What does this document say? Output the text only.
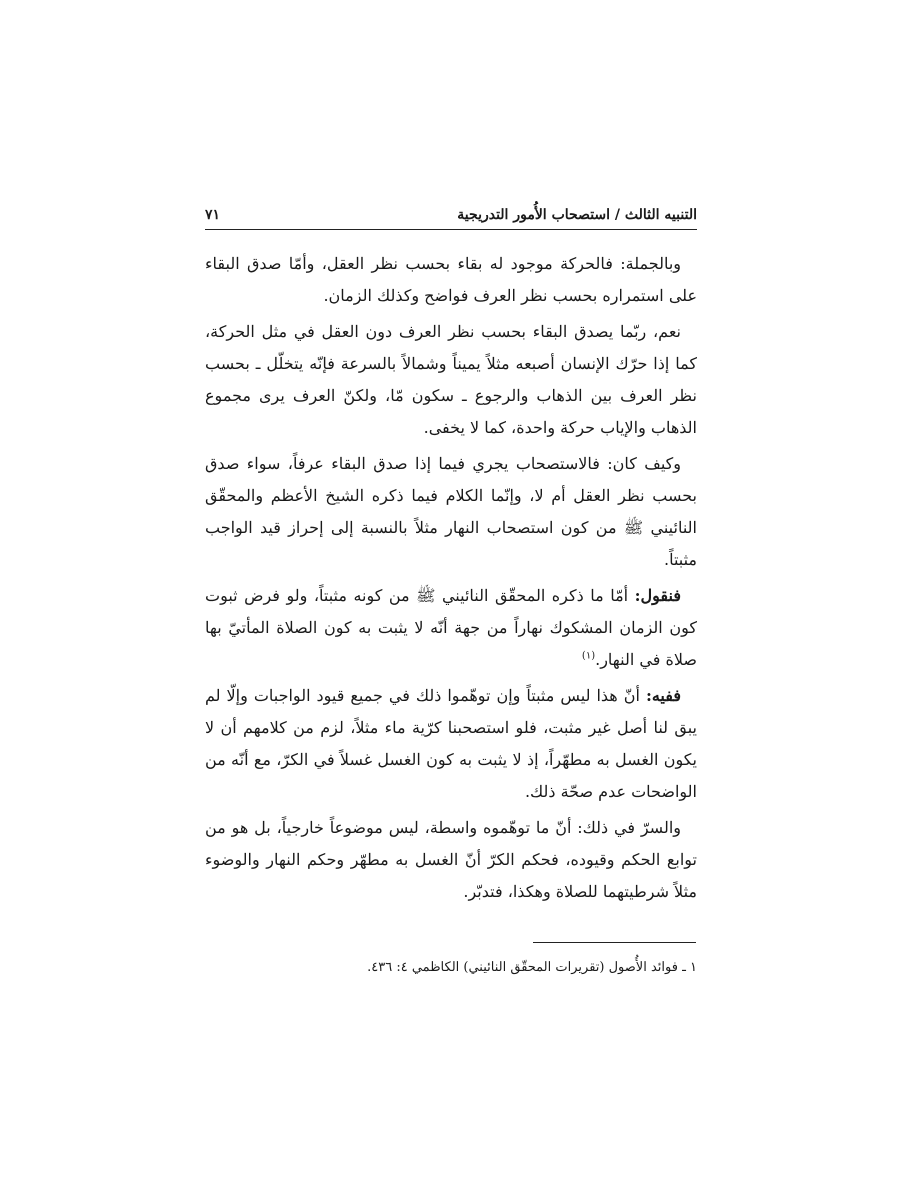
التنبيه الثالث / استصحاب الأُمور التدريجية
٧١

وبالجملة: فالحركة موجود له بقاء بحسب نظر العقل، وأمّا صدق البقاء على استمراره بحسب نظر العرف فواضح وكذلك الزمان.

نعم، ربّما يصدق البقاء بحسب نظر العرف دون العقل في مثل الحركة، كما إذا حرّك الإنسان أصبعه مثلاً يميناً وشمالاً بالسرعة فإنّه يتخلّل ـ بحسب نظر العرف بين الذهاب والرجوع ـ سكون مّا، ولكنّ العرف يرى مجموع الذهاب والإياب حركة واحدة، كما لا يخفى.

وكيف كان: فالاستصحاب يجري فيما إذا صدق البقاء عرفاً، سواء صدق بحسب نظر العقل أم لا، وإنّما الكلام فيما ذكره الشيخ الأعظم والمحقّق النائيني ﷺ من كون استصحاب النهار مثلاً بالنسبة إلى إحراز قيد الواجب مثبتاً.

فنقول: أمّا ما ذكره المحقّق النائيني ﷺ من كونه مثبتاً، ولو فرض ثبوت كون الزمان المشكوك نهاراً من جهة أنّه لا يثبت به كون الصلاة المأتيّ بها صلاة في النهار.$^{(١)}$

ففيه: أنّ هذا ليس مثبتاً وإن توهّموا ذلك في جميع قيود الواجبات وإلّا لم يبق لنا أصل غير مثبت، فلو استصحبنا كرّية ماء مثلاً، لزم من كلامهم أن لا يكون الغسل به مطهّراً، إذ لا يثبت به كون الغسل غسلاً في الكرّ، مع أنّه من الواضحات عدم صحّة ذلك.

والسرّ في ذلك: أنّ ما توهّموه واسطة، ليس موضوعاً خارجياً، بل هو من توابع الحكم وقيوده، فحكم الكرّ أنّ الغسل به مطهّر وحكم النهار والوضوء مثلاً شرطيتهما للصلاة وهكذا، فتدبّر.

١ ـ فوائد الأُصول (تقريرات المحقّق النائيني) الكاظمي ٤: ٤٣٦.
